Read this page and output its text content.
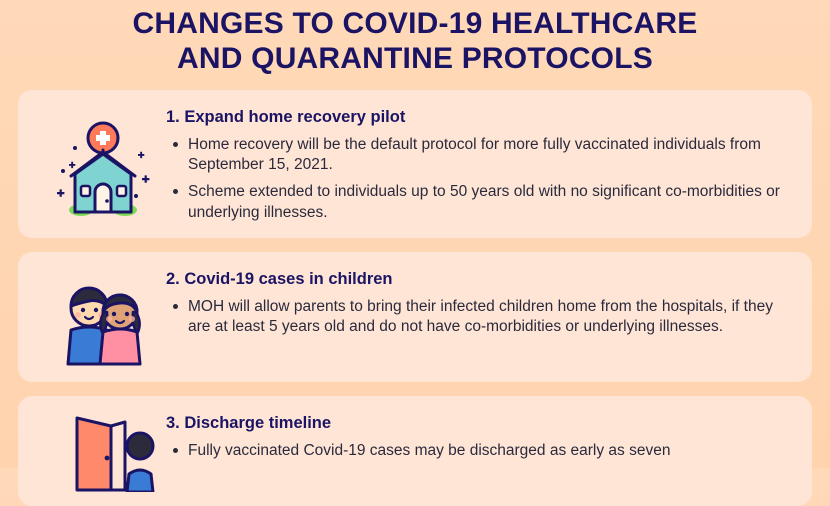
CHANGES TO COVID-19 HEALTHCARE
AND QUARANTINE PROTOCOLS
1. Expand home recovery pilot
Home recovery will be the default protocol for more fully vaccinated individuals from September 15, 2021.
Scheme extended to individuals up to 50 years old with no significant co-morbidities or underlying illnesses.
2. Covid-19 cases in children
MOH will allow parents to bring their infected children home from the hospitals, if they are at least 5 years old and do not have co-morbidities or underlying illnesses.
3. Discharge timeline
Fully vaccinated Covid-19 cases may be discharged as early as seven
